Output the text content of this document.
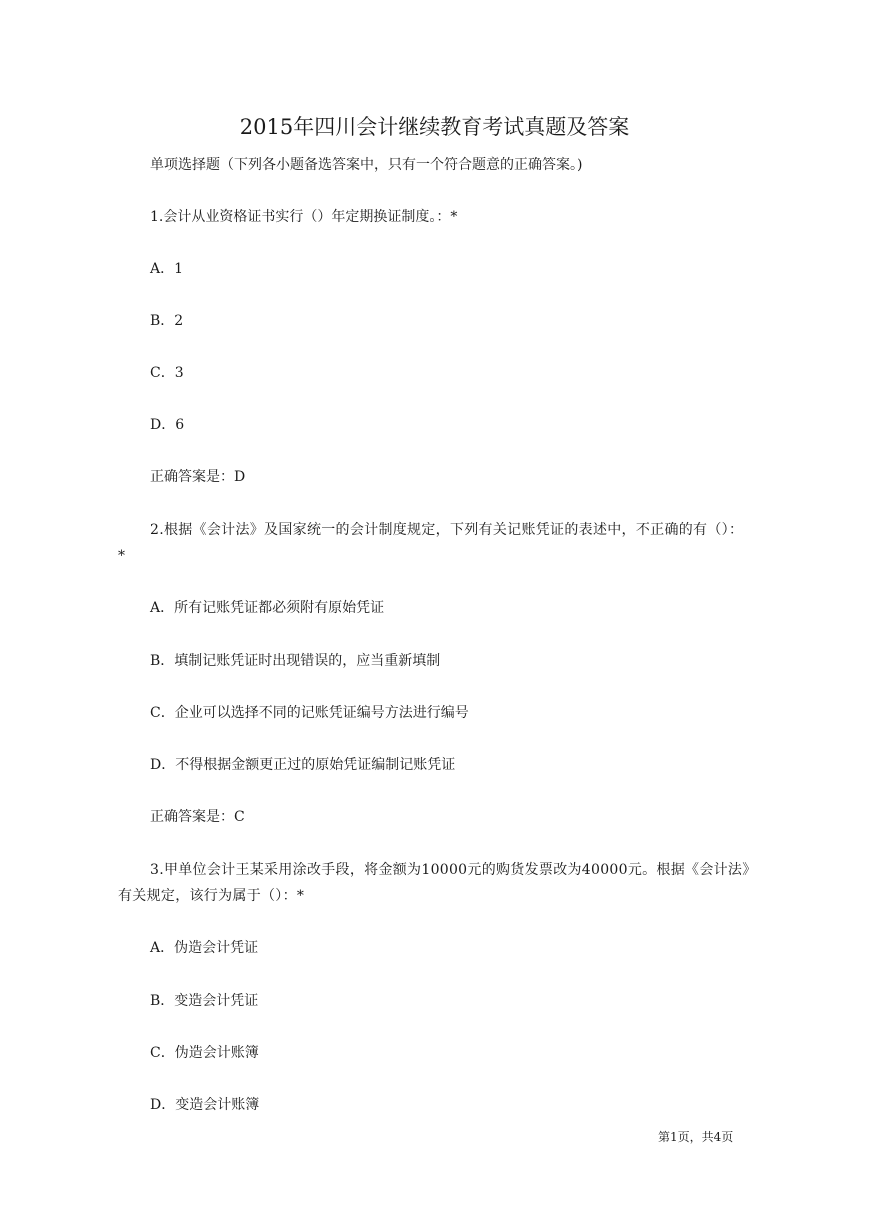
2015年四川会计继续教育考试真题及答案
单项选择题（下列各小题备选答案中，只有一个符合题意的正确答案。)
1.会计从业资格证书实行（）年定期换证制度。：*
A．1
B．2
C．3
D．6
正确答案是：D
2.根据《会计法》及国家统一的会计制度规定，下列有关记账凭证的表述中，不正确的有（）：*
A．所有记账凭证都必须附有原始凭证
B．填制记账凭证时出现错误的，应当重新填制
C．企业可以选择不同的记账凭证编号方法进行编号
D．不得根据金额更正过的原始凭证编制记账凭证
正确答案是：C
3.甲单位会计王某采用涂改手段，将金额为10000元的购货发票改为40000元。根据《会计法》有关规定，该行为属于（）：*
A．伪造会计凭证
B．变造会计凭证
C．伪造会计账簿
D．变造会计账簿
第1页，共4页
